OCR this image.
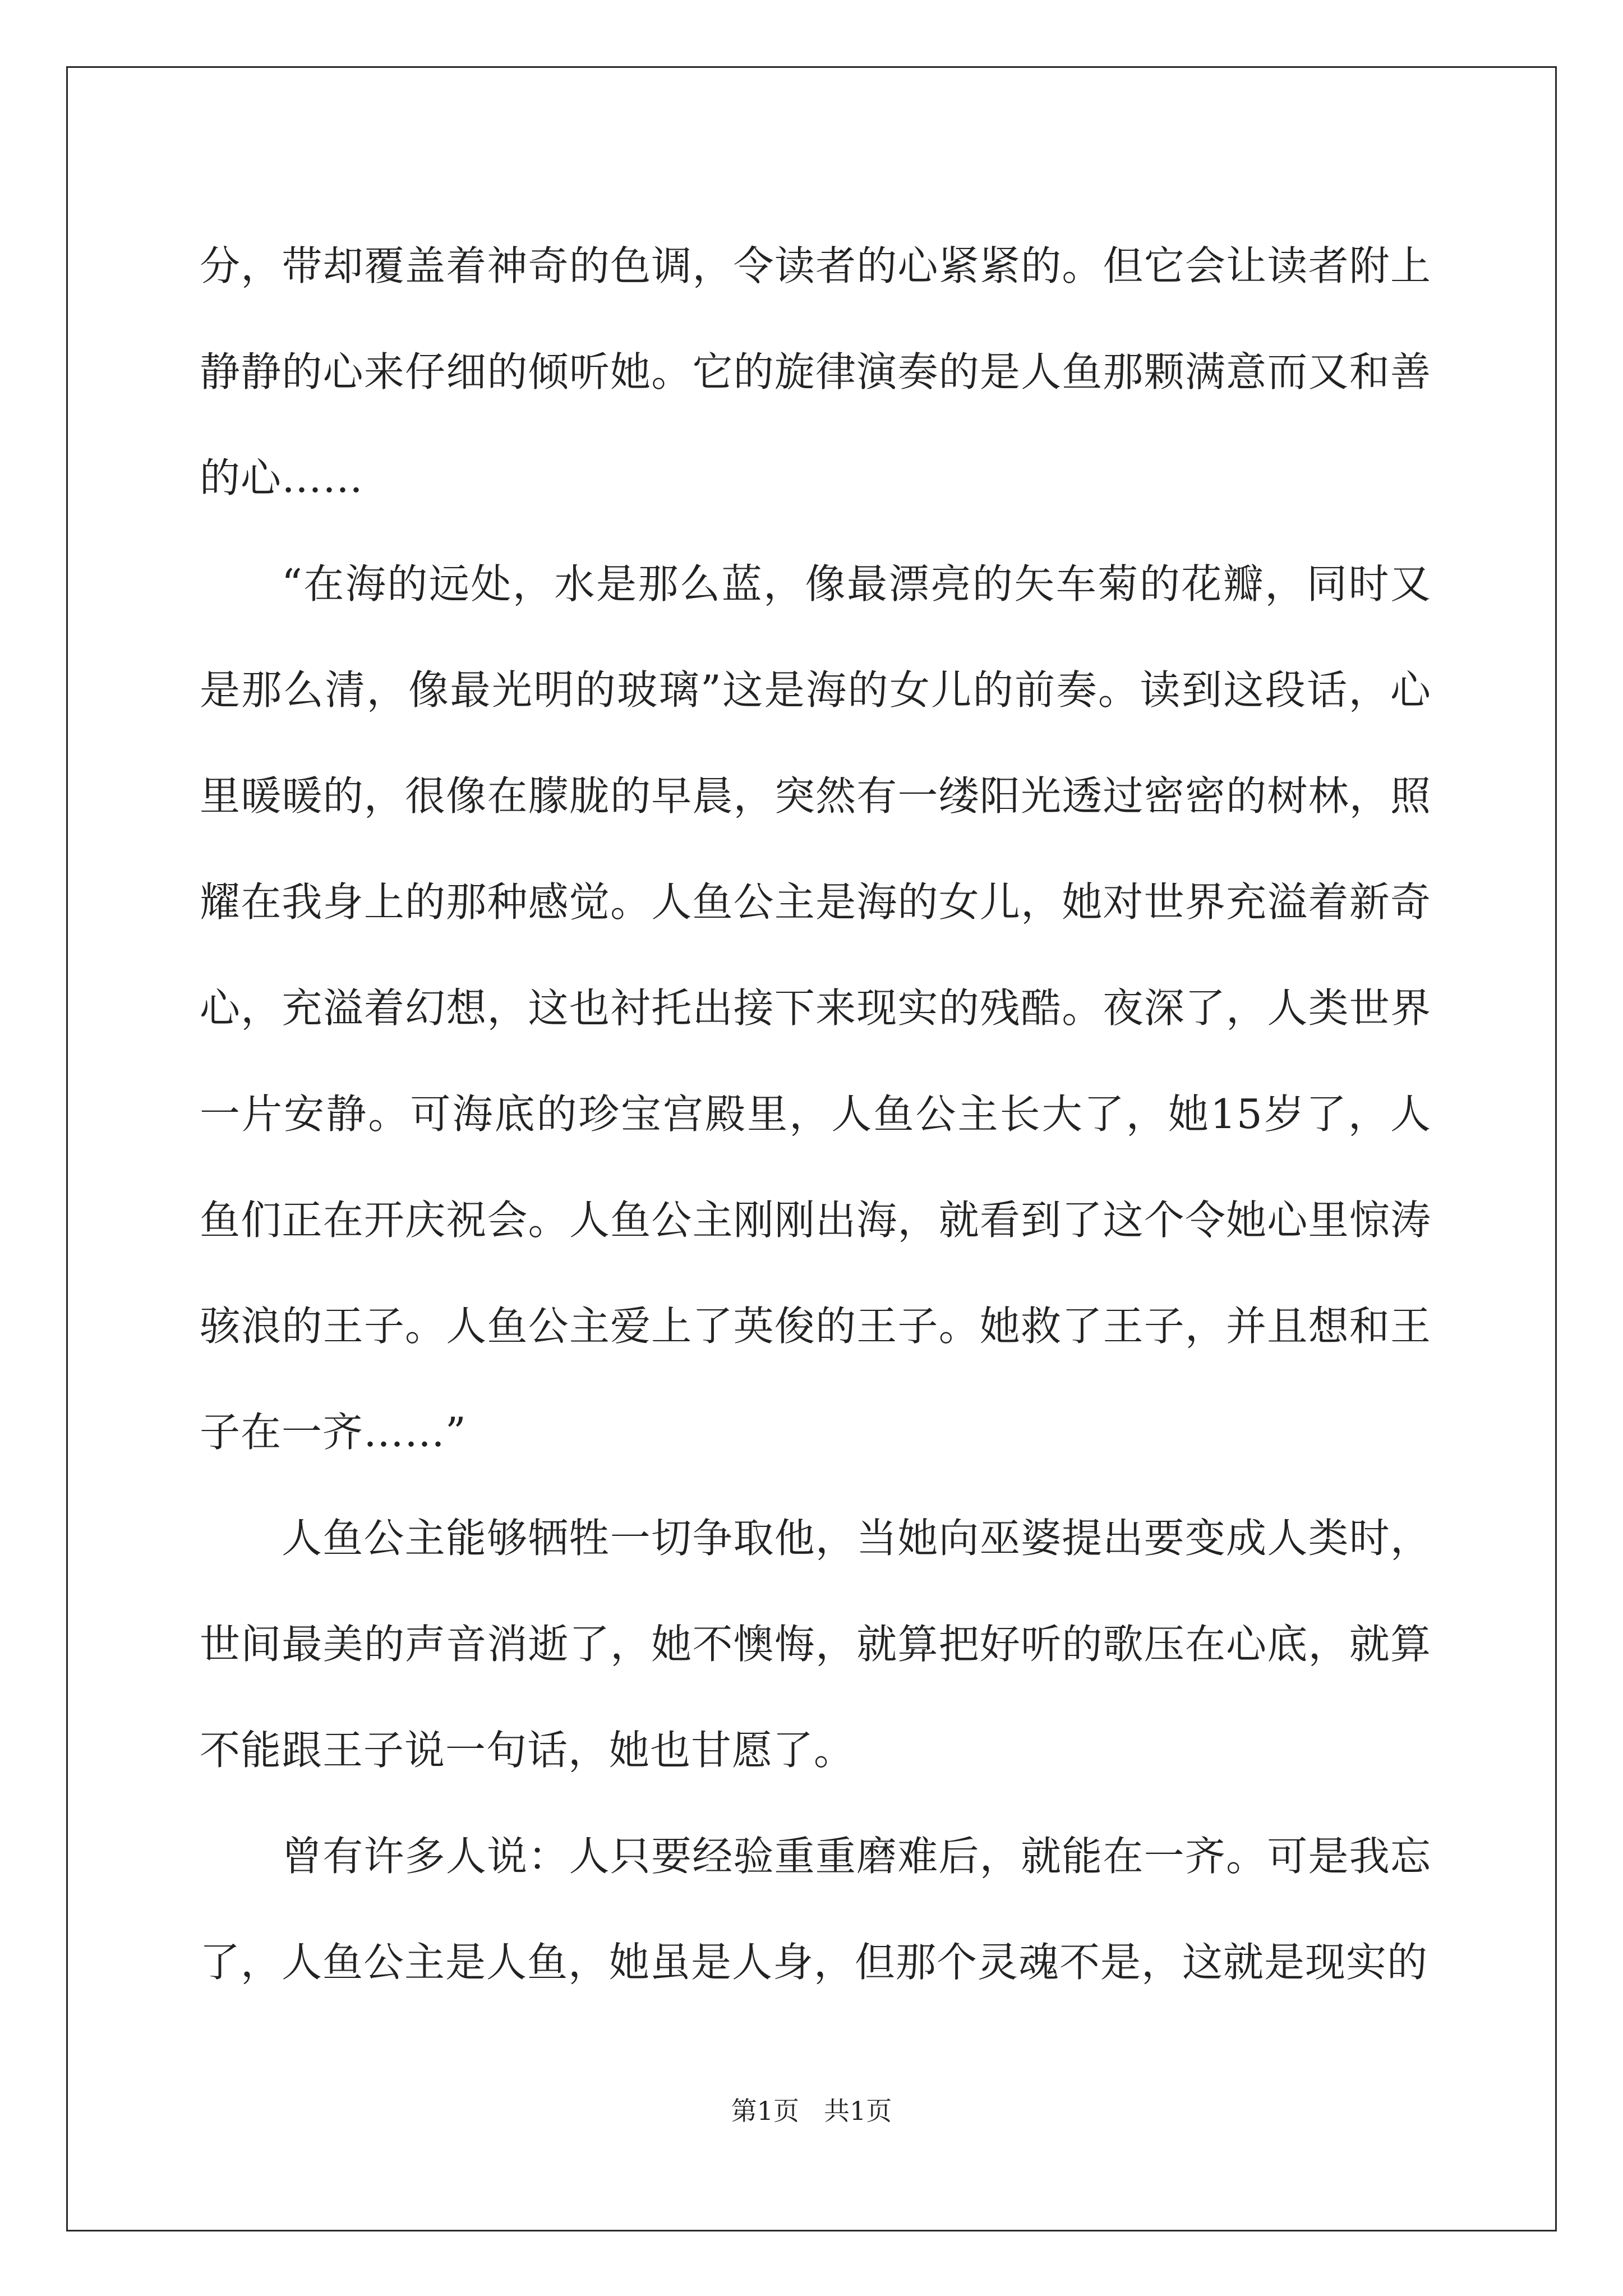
分，带却覆盖着神奇的色调，令读者的心紧紧的。但它会让读者附上静静的心来仔细的倾听她。它的旋律演奏的是人鱼那颗满意而又和善的心……

“在海的远处，水是那么蓝，像最漂亮的矢车菊的花瓣，同时又是那么清，像最光明的玻璃”这是海的女儿的前奏。读到这段话，心里暖暖的，很像在朦胧的早晨，突然有一缕阳光透过密密的树林，照耀在我身上的那种感觉。人鱼公主是海的女儿，她对世界充溢着新奇心，充溢着幻想，这也衬托出接下来现实的残酷。夜深了，人类世界一片安静。可海底的珍宝宫殿里，人鱼公主长大了，她15岁了，人鱼们正在开庆祝会。人鱼公主刚刚出海，就看到了这个令她心里惊涛骇浪的王子。人鱼公主爱上了英俊的王子。她救了王子，并且想和王子在一齐……”

人鱼公主能够牺牲一切争取他，当她向巫婆提出要变成人类时，世间最美的声音消逝了，她不懊悔，就算把好听的歌压在心底，就算不能跟王子说一句话，她也甘愿了。

曾有许多人说：人只要经验重重磨难后，就能在一齐。可是我忘了，人鱼公主是人鱼，她虽是人身，但那个灵魂不是，这就是现实的

第1页 共1页
